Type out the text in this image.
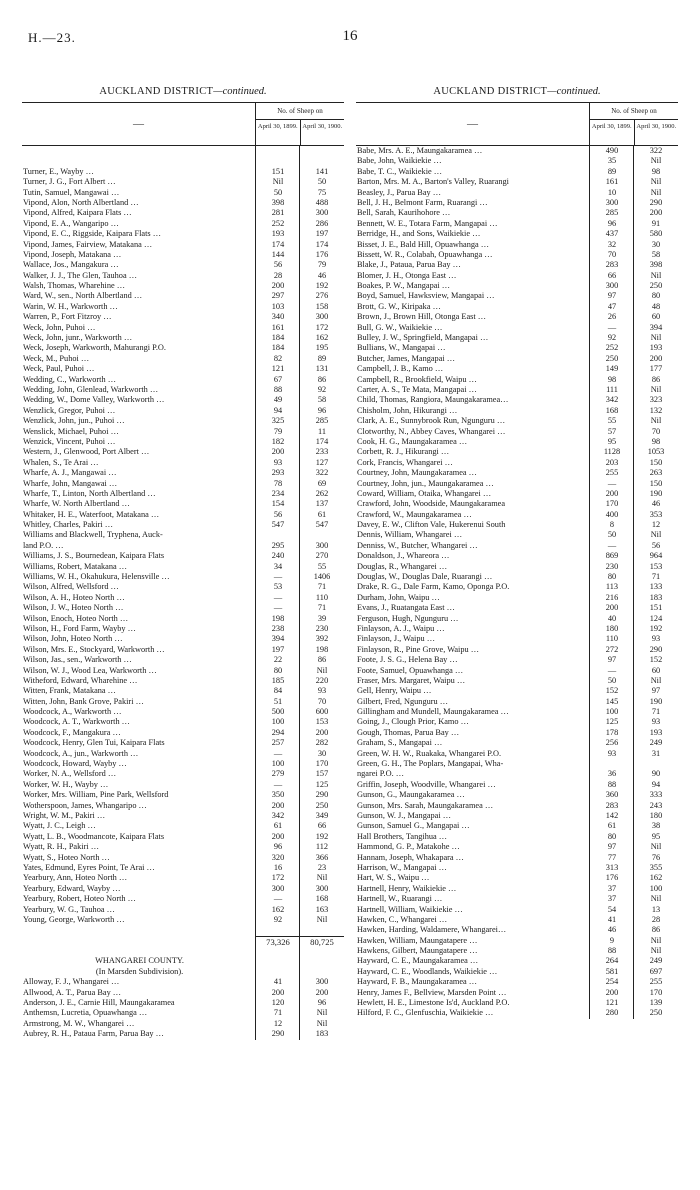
H.—23.	16
AUCKLAND DISTRICT—continued.
—
No. of Sheep on
April 30, 1899. April 30, 1900.
Turner, E., Wayby …	151	141
Turner, J. G., Fort Albert …	Nil	50
Tutin, Samuel, Mangawai …	50	75
Vipond, Alon, North Albertland …	398	488
Vipond, Alfred, Kaipara Flats …	281	300
Vipond, E. A., Wangaripo …	252	286
Vipond, E. C., Riggside, Kaipara Flats …	193	197
Vipond, James, Fairview, Matakana …	174	174
Vipond, Joseph, Matakana …	144	176
Wallace, Jos., Mangakura …	56	79
Walker, J. J., The Glen, Tauhoa …	28	46
Walsh, Thomas, Wharehine …	200	192
Ward, W., sen., North Albertland …	297	276
Warin, W. H., Warkworth …	103	158
Warren, P., Fort Fitzroy …	340	300
Weck, John, Puhoi …	161	172
Weck, John, junr., Warkworth …	184	162
Weck, Joseph, Warkworth, Mahurangi P.O.	184	195
Weck, M., Puhoi …	82	89
Weck, Paul, Puhoi …	121	131
Wedding, C., Warkworth …	67	86
Wedding, John, Glenlead, Warkworth …	88	92
Wedding, W., Dome Valley, Warkworth …	49	58
Wenzlick, Gregor, Puhoi …	94	96
Wenzlick, John, jun., Puhoi …	325	285
Wenslick, Michael, Puhoi …	79	11
Wenzick, Vincent, Puhoi …	182	174
Western, J., Glenwood, Port Albert …	200	233
Whalen, S., Te Arai …	93	127
Wharfe, A. J., Mangawai …	293	322
Wharfe, John, Mangawai …	78	69
Wharfe, T., Linton, North Albertland …	234	262
Wharfe, W. North Albertland …	154	137
Whitaker, H. E., Waterfoot, Matakana …	56	61
Whitley, Charles, Pakiri …	547	547
Williams and Blackwell, Tryphena, Auck-
land P.O. …	295	300
Williams, J. S., Bournedean, Kaipara Flats	240	270
Williams, Robert, Matakana …	34	55
Williams, W. H., Okahukura, Helensville …	—	1406
Wilson, Alfred, Wellsford …	53	71
Wilson, A. H., Hoteo North …	—	110
Wilson, J. W., Hoteo North …	—	71
Wilson, Enoch, Hoteo North …	198	39
Wilson, H., Ford Farm, Wayby …	238	230
Wilson, John, Hoteo North …	394	392
Wilson, Mrs. E., Stockyard, Warkworth …	197	198
Wilson, Jas., sen., Warkworth …	22	86
Wilson, W. J., Wood Lea, Warkworth …	80	Nil
Witheford, Edward, Wharehine …	185	220
Witten, Frank, Matakana …	84	93
Witten, John, Bank Grove, Pakiri …	51	70
Woodcock, A., Warkworth …	500	600
Woodcock, A. T., Warkworth …	100	153
Woodcock, F., Mangakura …	294	200
Woodcock, Henry, Glen Tui, Kaipara Flats	257	282
Woodcock, A., jun., Warkworth …	—	30
Woodcock, Howard, Wayby …	100	170
Worker, N. A., Wellsford …	279	157
Worker, W. H., Wayby …	—	125
Worker, Mrs. William, Pine Park, Wellsford	350	290
Wotherspoon, James, Whangaripo …	200	250
Wright, W. M., Pakiri …	342	349
Wyatt, J. C., Leigh …	61	66
Wyatt, L. B., Woodmancote, Kaipara Flats	200	192
Wyatt, R. H., Pakiri …	96	112
Wyatt, S., Hoteo North …	320	366
Yates, Edmund, Eyres Point, Te Arai …	16	23
Yearbury, Ann, Hoteo North …	172	Nil
Yearbury, Edward, Wayby …	300	300
Yearbury, Robert, Hoteo North …	—	168
Yearbury, W. G., Tauhoa …	162	163
Young, George, Warkworth …	92	Nil
73,326	80,725
WHANGAREI COUNTY.
(In Marsden Subdivision).
Alloway, F. J., Whangarei …	41	300
Allwood, A. T., Parua Bay …	200	200
Anderson, J. E., Carnie Hill, Maungakaramea	120	96
Anthemsn, Lucretia, Opuawhanga …	71	Nil
Armstrong, M. W., Whangarei …	12	Nil
Aubrey, R. H., Pataua Farm, Parua Bay …	290	183
AUCKLAND DISTRICT—continued.
—
No. of Sheep on
April 30, 1899. April 30, 1900.
Babe, Mrs. A. E., Maungakaramea …	490	322
Babe, John, Waikiekie …	35	Nil
Babe, T. C., Waikiekie …	89	98
Barton, Mrs. M. A., Barton's Valley, Ruarangi	161	Nil
Beasley, J., Parua Bay …	10	Nil
Bell, J. H., Belmont Farm, Ruarangi …	300	290
Bell, Sarah, Kaurihohore …	285	200
Bennett, W. E., Totara Farm, Mangapai …	96	91
Berridge, H., and Sons, Waikiekie …	437	580
Bisset, J. E., Bald Hill, Opuawhanga …	32	30
Bissett, W. R., Colabah, Opuawhanga …	70	58
Blake, J., Pataua, Parua Bay …	283	398
Blomer, J. H., Otonga East …	66	Nil
Boakes, P. W., Mangapai …	300	250
Boyd, Samuel, Hawksview, Mangapai …	97	80
Brott, G. W., Kiripaka …	47	48
Brown, J., Brown Hill, Otonga East …	26	60
Bull, G. W., Waikiekie …	—	394
Bulley, J. W., Springfield, Mangapai …	92	Nil
Bullians, W., Mangapai …	252	193
Butcher, James, Mangapai …	250	200
Campbell, J. B., Kamo …	149	177
Campbell, R., Brookfield, Waipu …	98	86
Carter, A. S., Te Mata, Mangapai …	111	Nil
Child, Thomas, Rangiora, Maungakaramea…	342	323
Chisholm, John, Hikurangi …	168	132
Clark, A. E., Sunnybrook Run, Ngunguru …	55	Nil
Clotworthy, N., Abbey Caves, Whangarei …	57	70
Cook, H. G., Maungakaramea …	95	98
Corbett, R. J., Hikurangi …	1128	1053
Cork, Francis, Whangarei …	203	150
Courtney, John, Maungakaramea …	255	263
Courtney, John, jun., Maungakaramea …	—	150
Coward, William, Otaika, Whangarei …	200	190
Crawford, John, Woodside, Maungakaramea	170	46
Crawford, W., Maungakaramea …	400	353
Davey, E. W., Clifton Vale, Hukerenui South	8	12
Dennis, William, Whangarei …	50	Nil
Denniss, W., Butcher, Whangarei …	—	56
Donaldson, J., Whareora …	869	964
Douglas, R., Whangarei …	230	153
Douglas, W., Douglas Dale, Ruarangi …	80	71
Drake, R. G., Dale Farm, Kamo, Oponga P.O.	113	133
Durham, John, Waipu …	216	183
Evans, J., Ruatangata East …	200	151
Ferguson, Hugh, Ngunguru …	40	124
Finlayson, A. J., Waipu …	180	192
Finlayson, J., Waipu …	110	93
Finlayson, R., Pine Grove, Waipu …	272	290
Foote, J. S. G., Helena Bay …	97	152
Foote, Samuel, Opuawhanga …	—	60
Fraser, Mrs. Margaret, Waipu …	50	Nil
Gell, Henry, Waipu …	152	97
Gilbert, Fred, Ngunguru …	145	190
Gillingham and Mundell, Maungakaramea …	100	71
Going, J., Clough Prior, Kamo …	125	93
Gough, Thomas, Parua Bay …	178	193
Graham, S., Mangapai …	256	249
Green, W. H. W., Ruakaka, Whangarei P.O.	93	31
Green, G. H., The Poplars, Mangapai, Wha-
ngarei P.O. …	36	90
Griffin, Joseph, Woodville, Whangarei …	88	94
Gunson, G., Maungakaramea …	360	333
Gunson, Mrs. Sarah, Maungakaramea …	283	243
Gunson, W. J., Mangapai …	142	180
Gunson, Samuel G., Mangapai …	61	38
Hall Brothers, Tangihua …	80	95
Hammond, G. P., Matakohe …	97	Nil
Hannam, Joseph, Whakapara …	77	76
Harrison, W., Mangapai …	313	355
Hart, W. S., Waipu …	176	162
Hartnell, Henry, Waikiekie …	37	100
Hartnell, W., Ruarangi …	37	Nil
Hartnell, William, Waikiekie …	54	13
Hawken, C., Whangarei …	41	28
Hawken, Harding, Waldamere, Whangarei…	46	86
Hawken, William, Maungatapere …	9	Nil
Hawkens, Gilbert, Maungatapere …	88	Nil
Hayward, C. E., Maungakaramea …	264	249
Hayward, C. E., Woodlands, Waikiekie …	581	697
Hayward, F. B., Maungakaramea …	254	255
Henry, James F., Bellview, Marsden Point …	200	170
Hewlett, H. E., Limestone Is'd, Auckland P.O.	121	139
Hilford, F. C., Glenfuschia, Waikiekie …	280	250
